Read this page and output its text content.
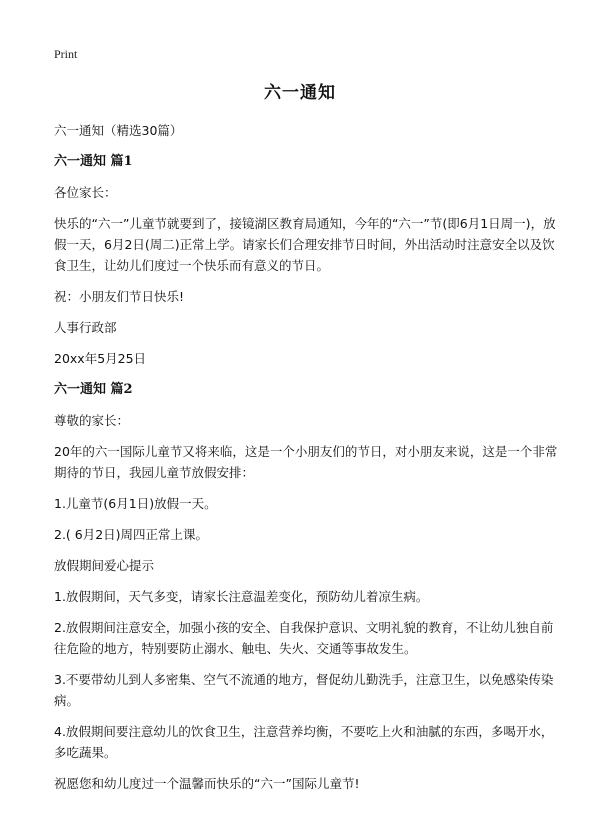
Print
六一通知

六一通知（精选30篇）

六一通知 篇1

各位家长：

快乐的“六一”儿童节就要到了，接镜湖区教育局通知，今年的“六一”节(即6月1日周一)，放假一天，6月2日(周二)正常上学。请家长们合理安排节日时间，外出活动时注意安全以及饮食卫生，让幼儿们度过一个快乐而有意义的节日。

祝：小朋友们节日快乐!

人事行政部

20xx年5月25日

六一通知 篇2

尊敬的家长：

20年的六一国际儿童节又将来临，这是一个小朋友们的节日，对小朋友来说，这是一个非常期待的节日，我园儿童节放假安排：

1.儿童节(6月1日)放假一天。

2.( 6月2日)周四正常上课。

放假期间爱心提示

1.放假期间，天气多变，请家长注意温差变化，预防幼儿着凉生病。

2.放假期间注意安全，加强小孩的安全、自我保护意识、文明礼貌的教育，不让幼儿独自前往危险的地方，特别要防止溺水、触电、失火、交通等事故发生。

3.不要带幼儿到人多密集、空气不流通的地方，督促幼儿勤洗手，注意卫生，以免感染传染病。

4.放假期间要注意幼儿的饮食卫生，注意营养均衡，不要吃上火和油腻的东西，多喝开水，多吃蔬果。

祝愿您和幼儿度过一个温馨而快乐的“六一”国际儿童节!
